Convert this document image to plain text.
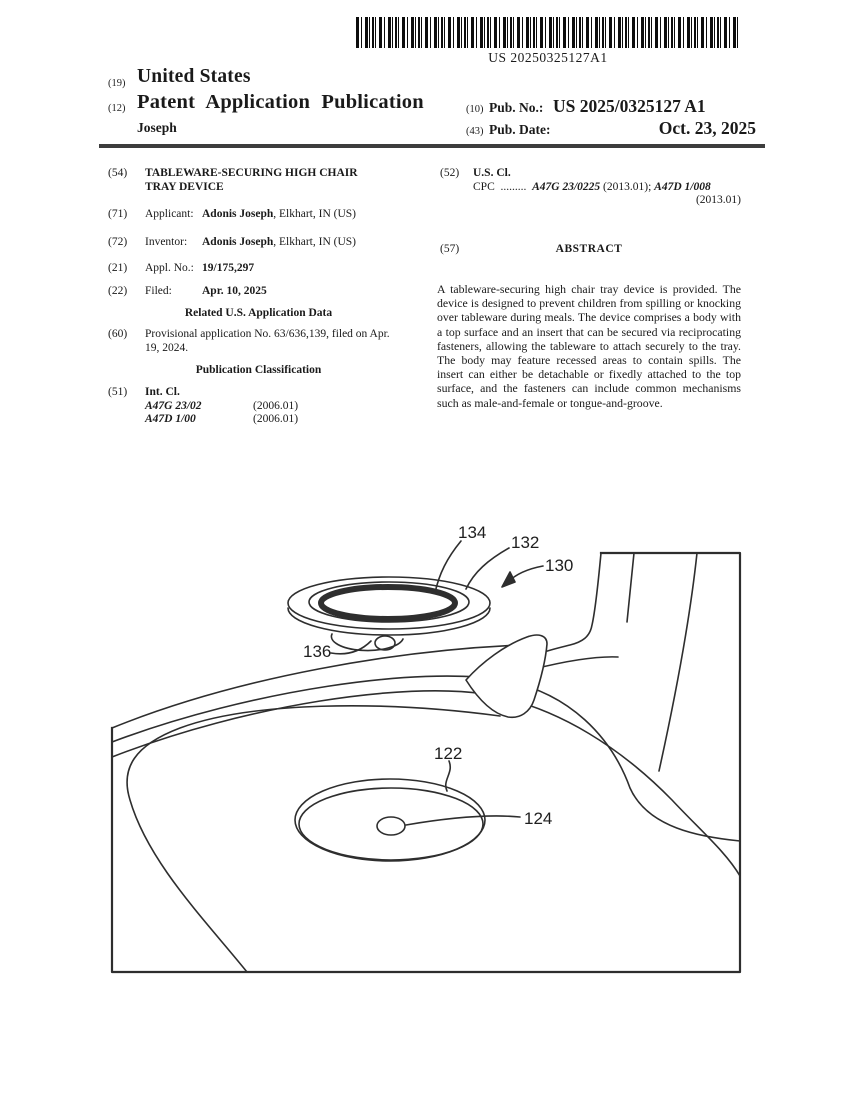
US 20250325127A1
(19) United States
(12) Patent Application Publication
Joseph
(10) Pub. No.: US 2025/0325127 A1
(43) Pub. Date:	Oct. 23, 2025
(54) TABLEWARE-SECURING HIGH CHAIR
TRAY DEVICE
(71) Applicant: Adonis Joseph, Elkhart, IN (US)
(72) Inventor: Adonis Joseph, Elkhart, IN (US)
(21) Appl. No.: 19/175,297
(22) Filed:	Apr. 10, 2025
Related U.S. Application Data
(60) Provisional application No. 63/636,139, filed on Apr.
19, 2024.
Publication Classification
(51) Int. Cl.
A47G 23/02	(2006.01)
A47D 1/00	(2006.01)
(52) U.S. Cl.
CPC ......... A47G 23/0225 (2013.01); A47D 1/008
(2013.01)
(57)	ABSTRACT
A tableware-securing high chair tray device is provided. The device is designed to prevent children from spilling or knocking over tableware during meals. The device comprises a body with a top surface and an insert that can be secured via reciprocating fasteners, allowing the tableware to attach securely to the tray. The body may feature recessed areas to contain spills. The insert can either be detachable or fixedly attached to the top surface, and the fasteners can include common mechanisms such as male-and-female or tongue-and-groove.
134
132
130
136
122
124
